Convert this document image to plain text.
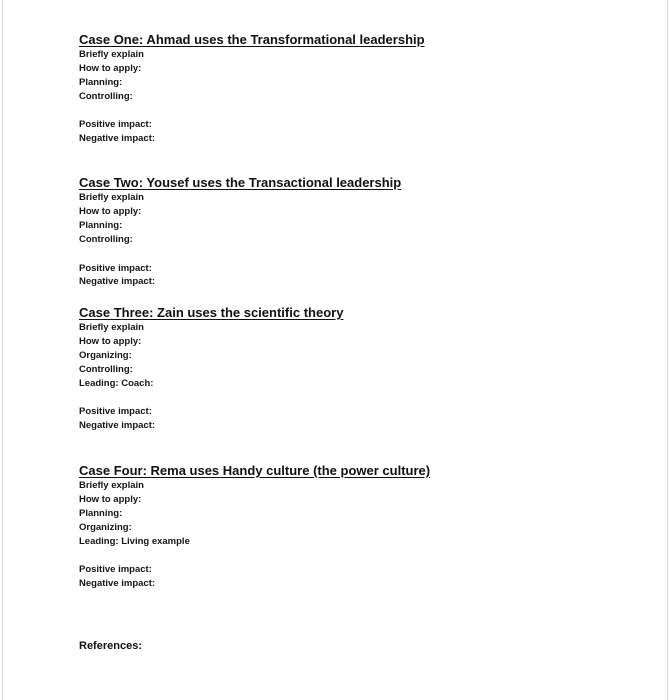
Case One: Ahmad uses the Transformational leadership
Briefly explain
How to apply:
Planning:
Controlling:
Positive impact:
Negative impact:
Case Two: Yousef uses the Transactional leadership
Briefly explain
How to apply:
Planning:
Controlling:
Positive impact:
Negative impact:
Case Three: Zain uses the scientific theory
Briefly explain
How to apply:
Organizing:
Controlling:
Leading: Coach:
Positive impact:
Negative impact:
Case Four: Rema uses Handy culture (the power culture)
Briefly explain
How to apply:
Planning:
Organizing:
Leading: Living example
Positive impact:
Negative impact:
References:
